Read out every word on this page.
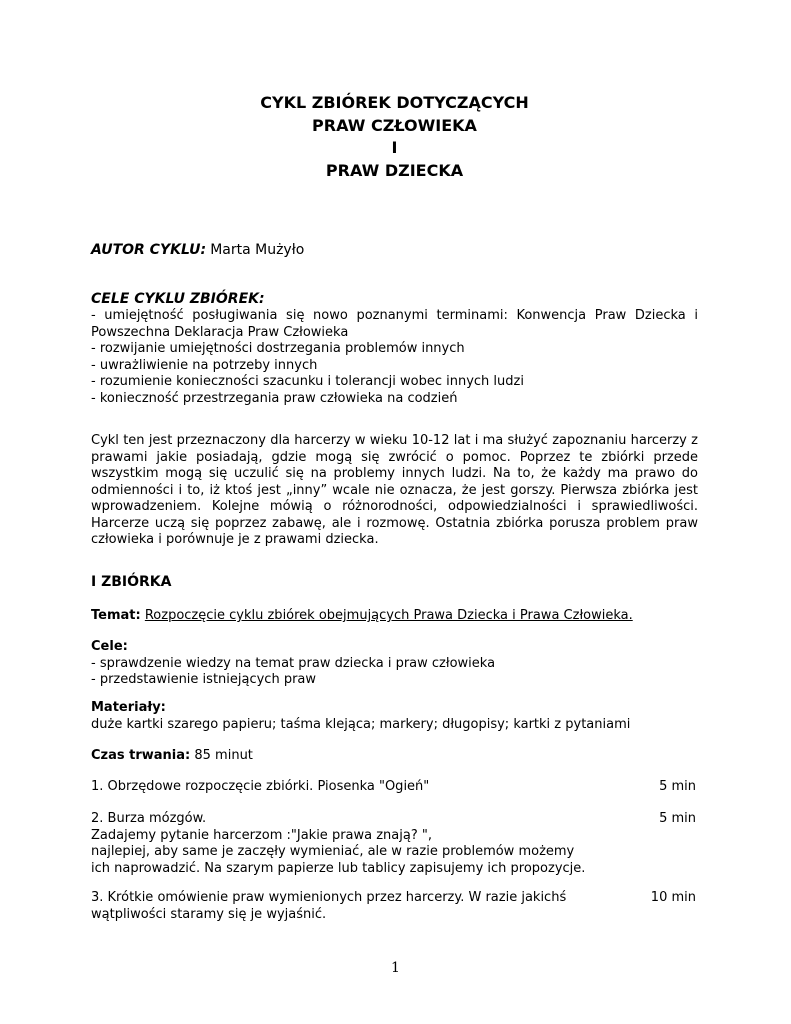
CYKL ZBIÓREK DOTYCZĄCYCH
PRAW CZŁOWIEKA
I
PRAW DZIECKA
AUTOR CYKLU: Marta Mużyło
CELE CYKLU ZBIÓREK:
- umiejętność posługiwania się nowo poznanymi terminami: Konwencja Praw Dziecka i
Powszechna Deklaracja Praw Człowieka
- rozwijanie umiejętności dostrzegania problemów innych
- uwrażliwienie na potrzeby innych
- rozumienie konieczności szacunku i tolerancji wobec innych ludzi
- konieczność przestrzegania praw człowieka na codzień
Cykl ten jest przeznaczony dla harcerzy w wieku 10-12 lat i ma służyć zapoznaniu harcerzy z
prawami jakie posiadają, gdzie mogą się zwrócić o pomoc. Poprzez te zbiórki przede
wszystkim mogą się uczulić się na problemy innych ludzi. Na to, że każdy ma prawo do
odmienności i to, iż ktoś jest „inny” wcale nie oznacza, że jest gorszy. Pierwsza zbiórka jest
wprowadzeniem. Kolejne mówią o różnorodności, odpowiedzialności i sprawiedliwości.
Harcerze uczą się poprzez zabawę, ale i rozmowę. Ostatnia zbiórka porusza problem praw
człowieka i porównuje je z prawami dziecka.
I ZBIÓRKA
Temat: Rozpoczęcie cyklu zbiórek obejmujących Prawa Dziecka i Prawa Człowieka.
Cele:
- sprawdzenie wiedzy na temat praw dziecka i praw człowieka
- przedstawienie istniejących praw
Materiały:
duże kartki szarego papieru; taśma klejąca; markery; długopisy; kartki z pytaniami
Czas trwania: 85 minut
1. Obrzędowe rozpoczęcie zbiórki. Piosenka "Ogień"	5 min
2. Burza mózgów.	5 min
Zadajemy pytanie harcerzom :"Jakie prawa znają? ",
najlepiej, aby same je zaczęły wymieniać, ale w razie problemów możemy
ich naprowadzić. Na szarym papierze lub tablicy zapisujemy ich propozycje.
3. Krótkie omówienie praw wymienionych przez harcerzy. W razie jakichś	10 min
wątpliwości staramy się je wyjaśnić.
1
